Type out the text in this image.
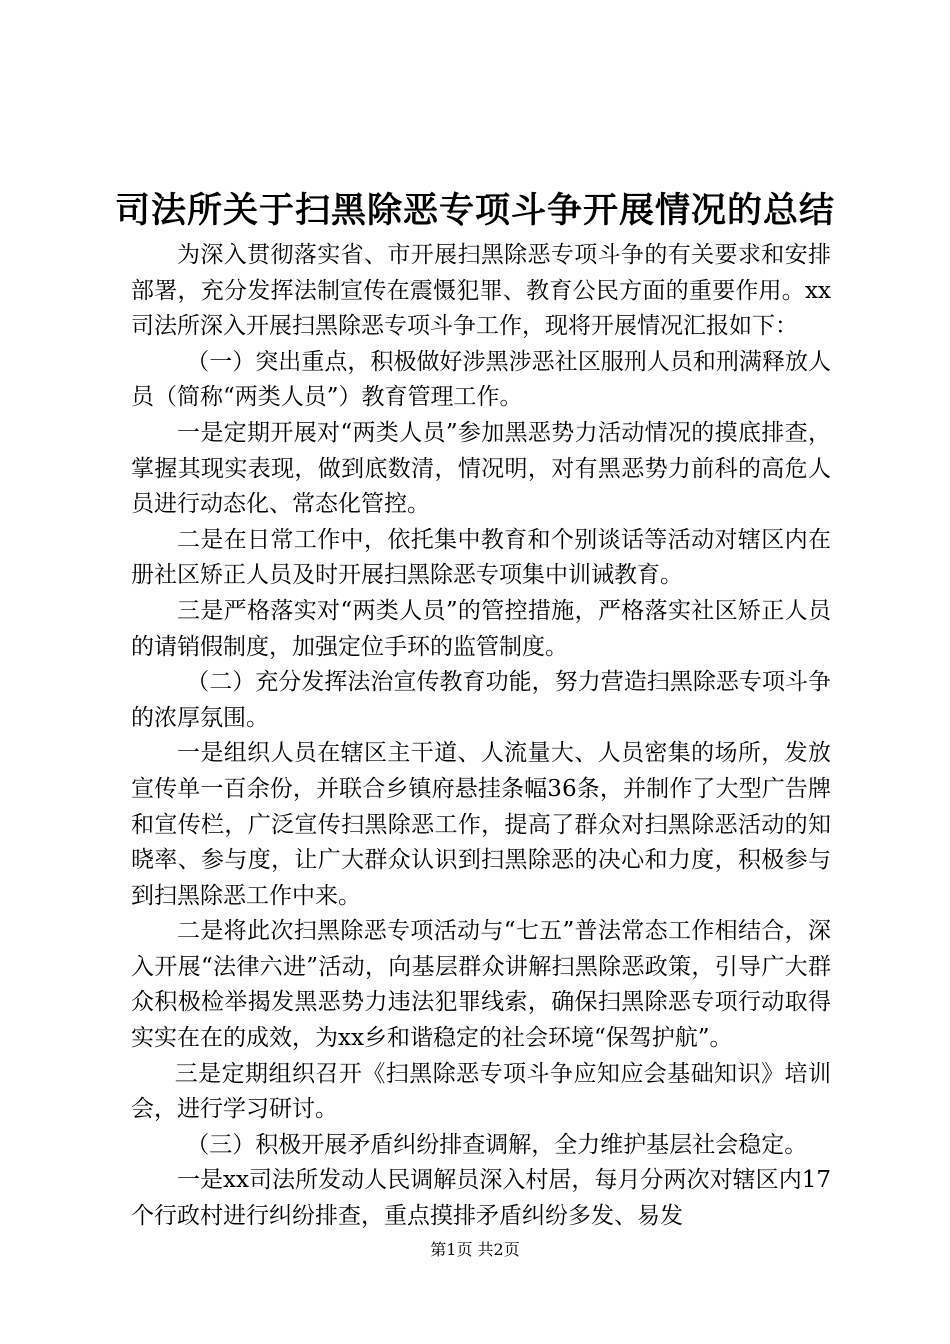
司法所关于扫黑除恶专项斗争开展情况的总结

为深入贯彻落实省、市开展扫黑除恶专项斗争的有关要求和安排部署，充分发挥法制宣传在震慑犯罪、教育公民方面的重要作用。xx司法所深入开展扫黑除恶专项斗争工作，现将开展情况汇报如下：

（一）突出重点，积极做好涉黑涉恶社区服刑人员和刑满释放人员（简称“两类人员”）教育管理工作。

一是定期开展对“两类人员”参加黑恶势力活动情况的摸底排查，掌握其现实表现，做到底数清，情况明，对有黑恶势力前科的高危人员进行动态化、常态化管控。

二是在日常工作中，依托集中教育和个别谈话等活动对辖区内在册社区矫正人员及时开展扫黑除恶专项集中训诫教育。

三是严格落实对“两类人员”的管控措施，严格落实社区矫正人员的请销假制度，加强定位手环的监管制度。

（二）充分发挥法治宣传教育功能，努力营造扫黑除恶专项斗争的浓厚氛围。

一是组织人员在辖区主干道、人流量大、人员密集的场所，发放宣传单一百余份，并联合乡镇府悬挂条幅36条，并制作了大型广告牌和宣传栏，广泛宣传扫黑除恶工作，提高了群众对扫黑除恶活动的知晓率、参与度，让广大群众认识到扫黑除恶的决心和力度，积极参与到扫黑除恶工作中来。

二是将此次扫黑除恶专项活动与“七五”普法常态工作相结合，深入开展“法律六进”活动，向基层群众讲解扫黑除恶政策，引导广大群众积极检举揭发黑恶势力违法犯罪线索，确保扫黑除恶专项行动取得实实在在的成效，为xx乡和谐稳定的社会环境“保驾护航”。

三是定期组织召开《扫黑除恶专项斗争应知应会基础知识》培训会，进行学习研讨。

（三）积极开展矛盾纠纷排查调解，全力维护基层社会稳定。

一是xx司法所发动人民调解员深入村居，每月分两次对辖区内17个行政村进行纠纷排查，重点摸排矛盾纠纷多发、易发

第1页 共2页
